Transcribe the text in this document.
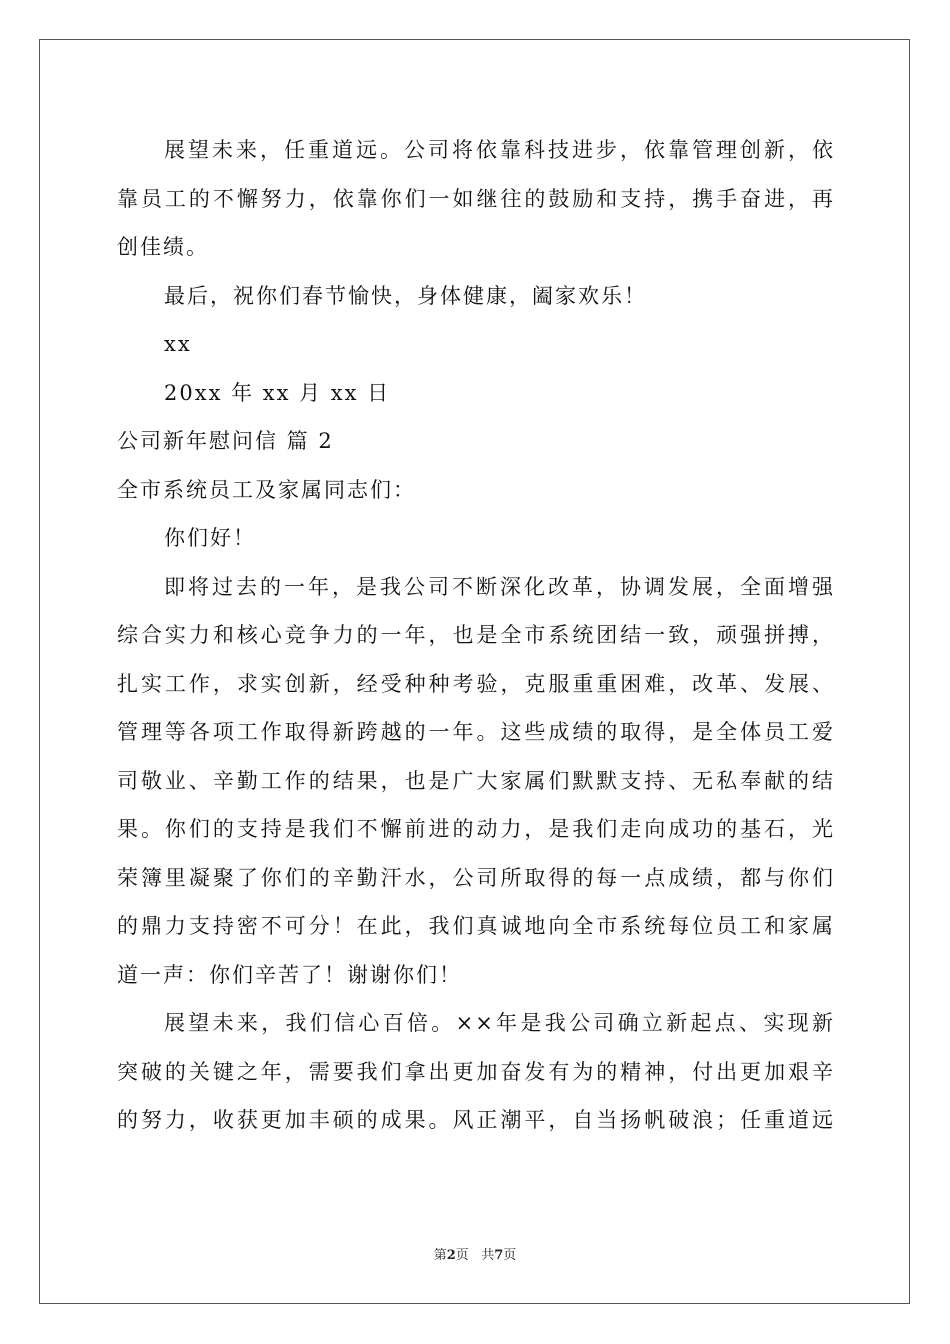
展望未来，任重道远。公司将依靠科技进步，依靠管理创新，依
靠员工的不懈努力，依靠你们一如继往的鼓励和支持，携手奋进，再
创佳绩。
最后，祝你们春节愉快，身体健康，阖家欢乐！
xx
20xx 年 xx 月 xx 日
公司新年慰问信 篇 2
全市系统员工及家属同志们：
你们好！
即将过去的一年，是我公司不断深化改革，协调发展，全面增强
综合实力和核心竞争力的一年，也是全市系统团结一致，顽强拼搏，
扎实工作，求实创新，经受种种考验，克服重重困难，改革、发展、
管理等各项工作取得新跨越的一年。这些成绩的取得，是全体员工爱
司敬业、辛勤工作的结果，也是广大家属们默默支持、无私奉献的结
果。你们的支持是我们不懈前进的动力，是我们走向成功的基石，光
荣簿里凝聚了你们的辛勤汗水，公司所取得的每一点成绩，都与你们
的鼎力支持密不可分！在此，我们真诚地向全市系统每位员工和家属
道一声：你们辛苦了！谢谢你们！
展望未来，我们信心百倍。××年是我公司确立新起点、实现新
突破的关键之年，需要我们拿出更加奋发有为的精神，付出更加艰辛
的努力，收获更加丰硕的成果。风正潮平，自当扬帆破浪；任重道远
第2页   共7页
